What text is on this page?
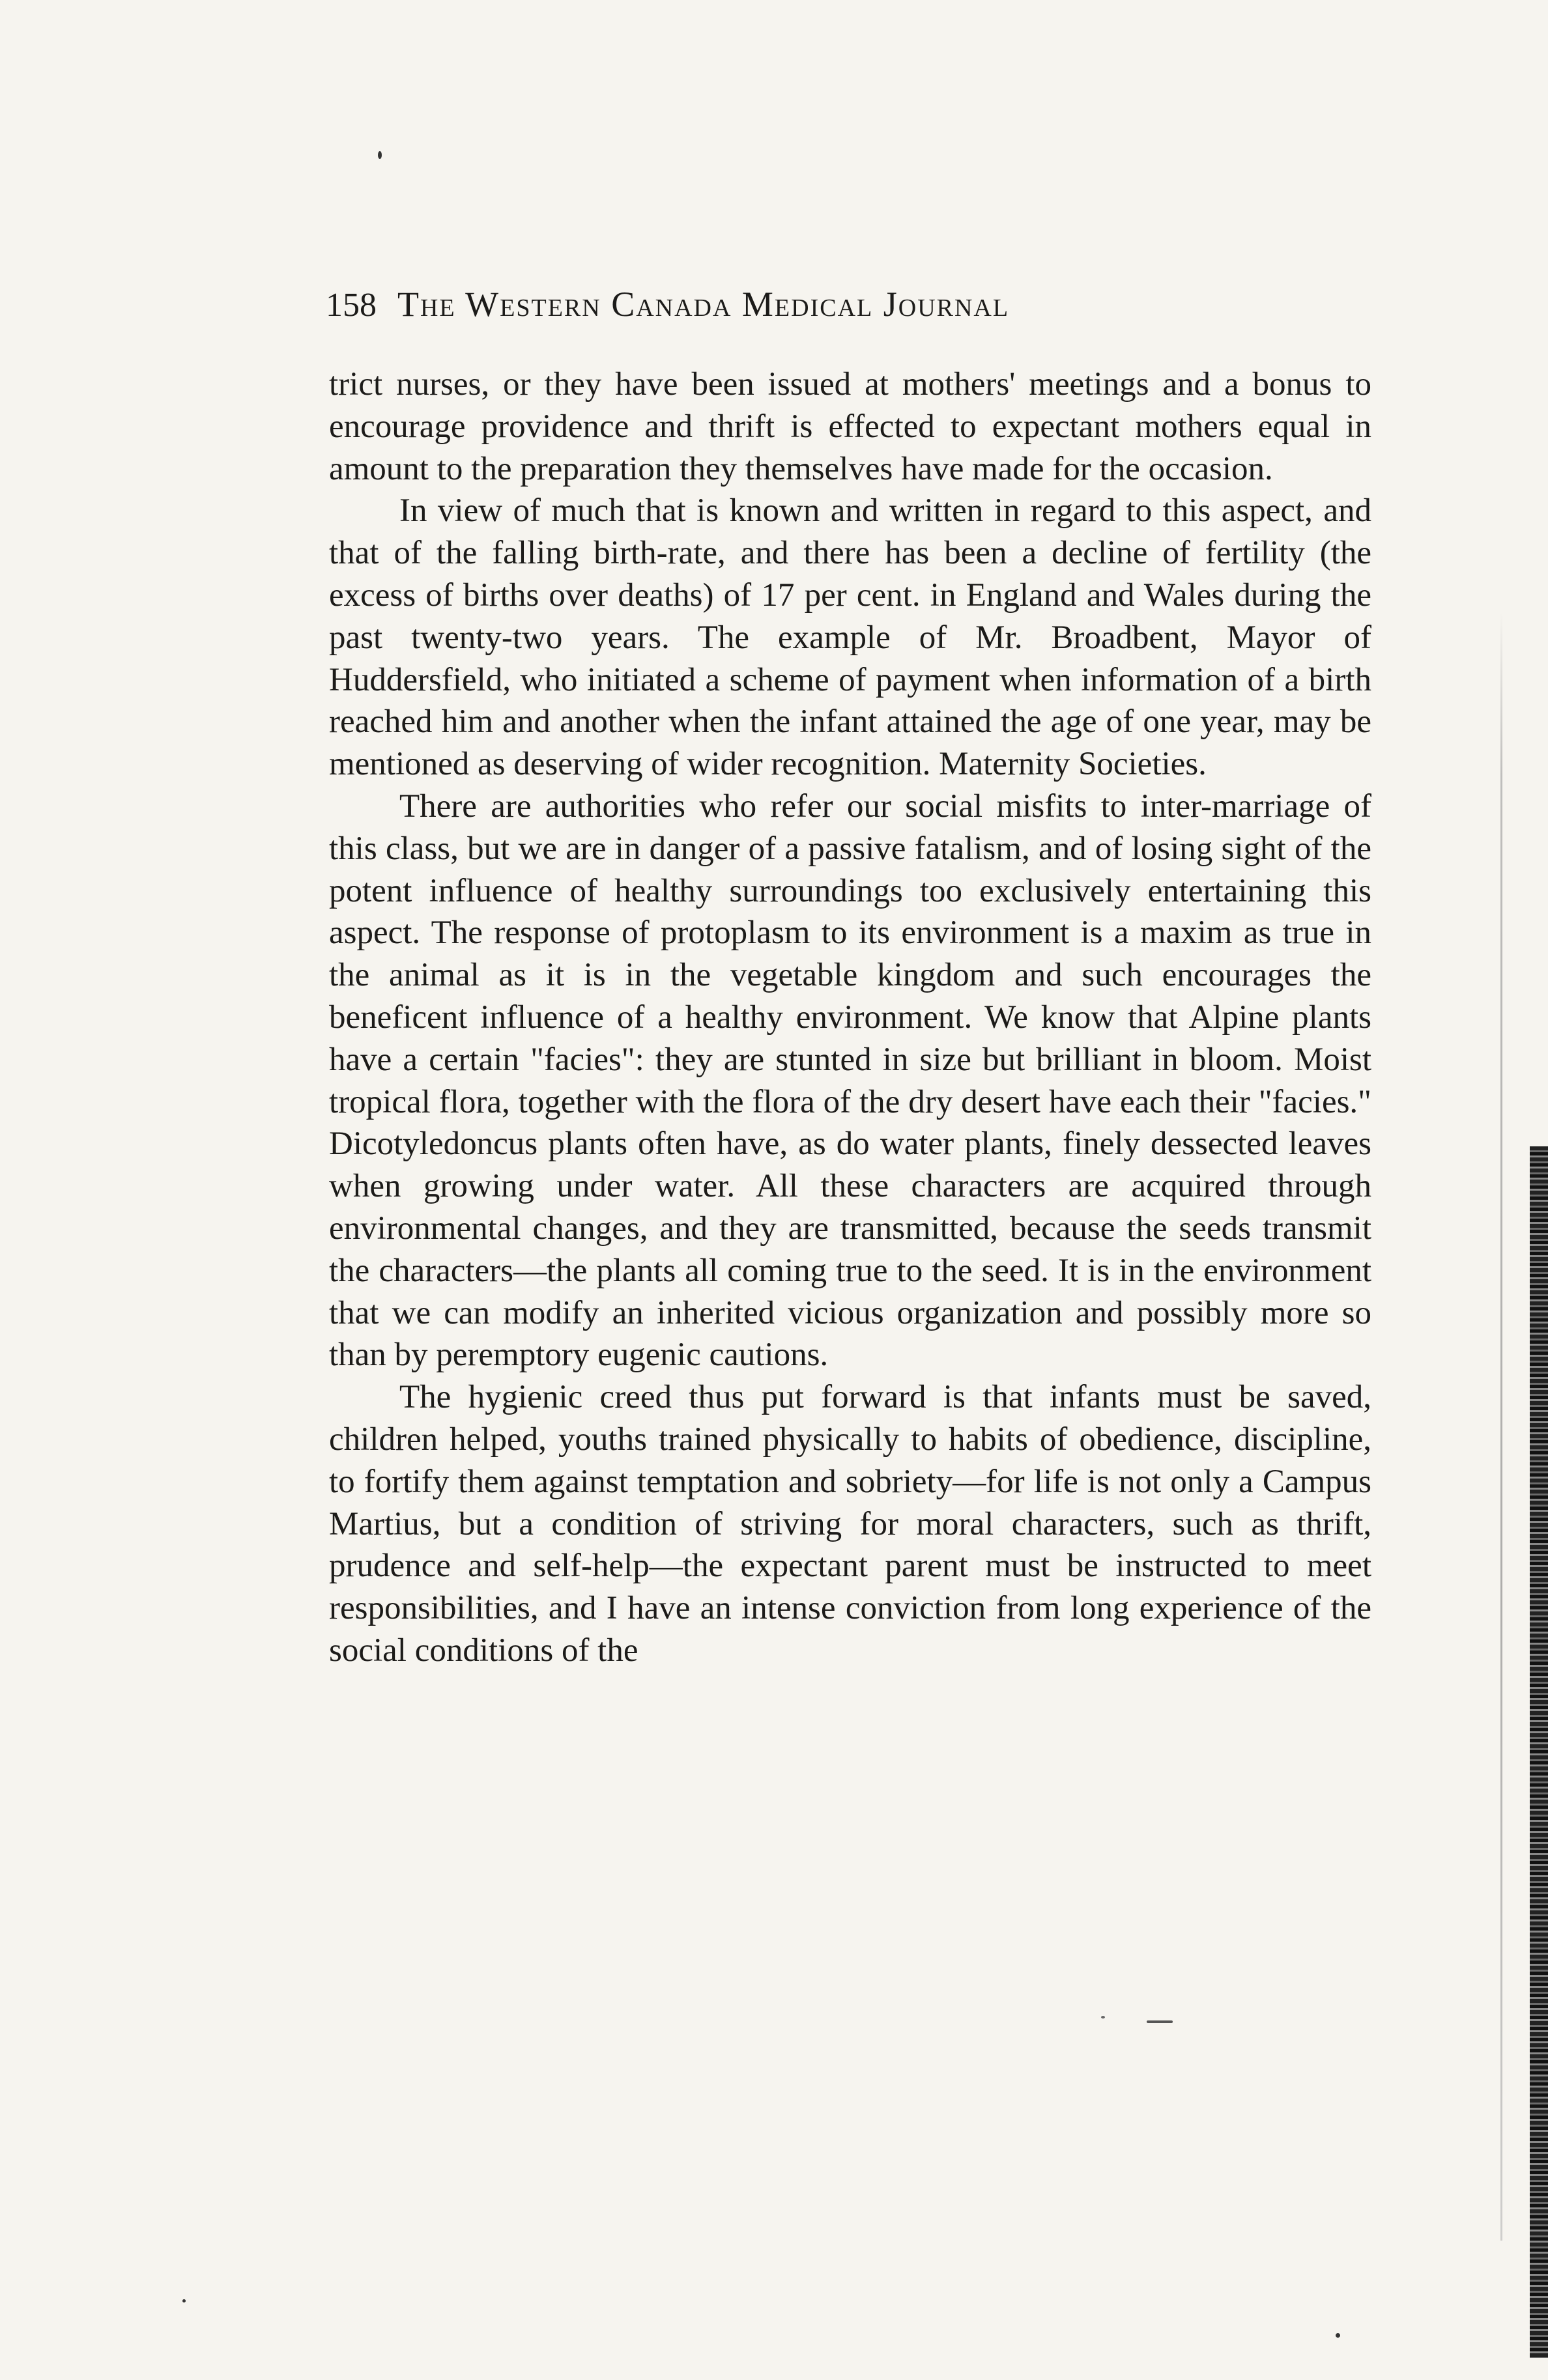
158 The Western Canada Medical Journal

trict nurses, or they have been issued at mothers' meetings and a bonus to encourage providence and thrift is effected to expectant mothers equal in amount to the preparation they themselves have made for the occasion.

In view of much that is known and written in regard to this aspect, and that of the falling birth-rate, and there has been a decline of fertility (the excess of births over deaths) of 17 per cent. in England and Wales during the past twenty-two years. The example of Mr. Broadbent, Mayor of Huddersfield, who initiated a scheme of payment when information of a birth reached him and another when the infant attained the age of one year, may be mentioned as deserving of wider recognition. Maternity Societies.

There are authorities who refer our social misfits to inter-marriage of this class, but we are in danger of a passive fatalism, and of losing sight of the potent influence of healthy surroundings too exclusively entertaining this aspect. The response of protoplasm to its environment is a maxim as true in the animal as it is in the vegetable kingdom and such encourages the beneficent influence of a healthy environment. We know that Alpine plants have a certain "facies": they are stunted in size but brilliant in bloom. Moist tropical flora, together with the flora of the dry desert have each their "facies." Dicotyledoncus plants often have, as do water plants, finely dessected leaves when growing under water. All these characters are acquired through environmental changes, and they are transmitted, because the seeds transmit the characters—the plants all coming true to the seed. It is in the environment that we can modify an inherited vicious organization and possibly more so than by peremptory eugenic cautions.

The hygienic creed thus put forward is that infants must be saved, children helped, youths trained physically to habits of obedience, discipline, to fortify them against temptation and sobriety—for life is not only a Campus Martius, but a condition of striving for moral characters, such as thrift, prudence and self-help—the expectant parent must be instructed to meet responsibilities, and I have an intense conviction from long experience of the social conditions of the
